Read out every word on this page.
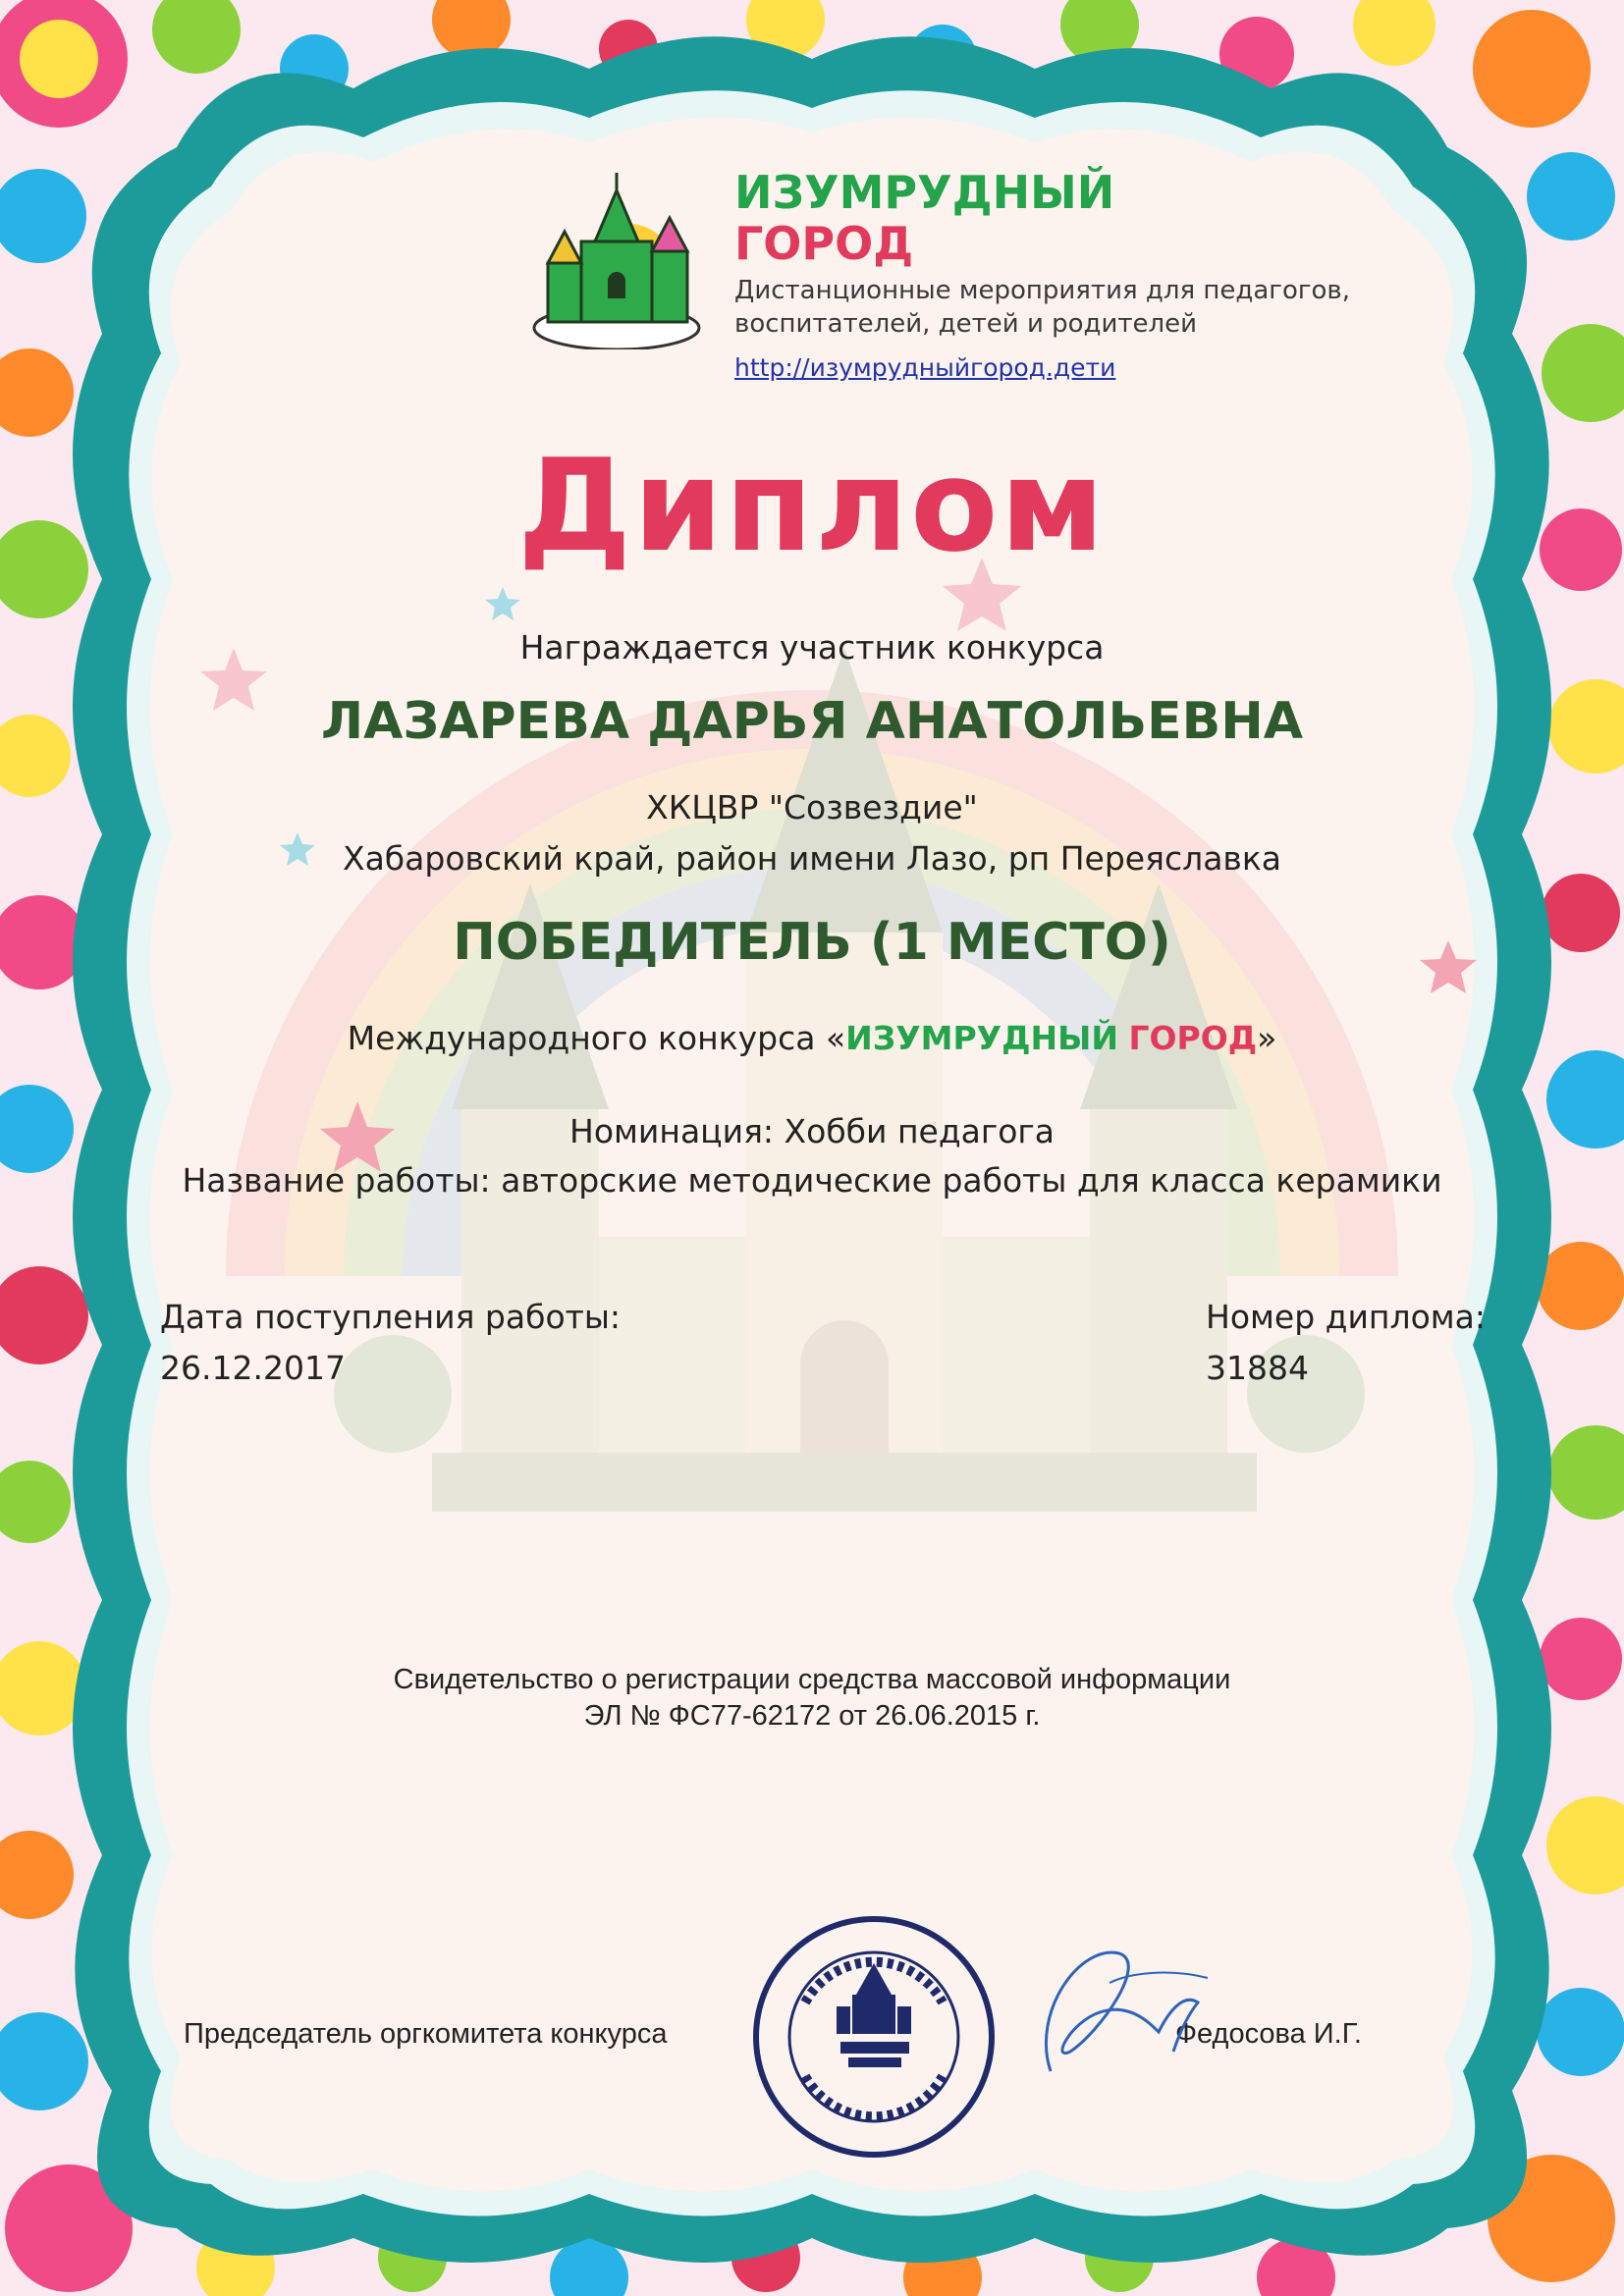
ИЗУМРУДНЫЙ
ГОРОД
Дистанционные мероприятия для педагогов,
воспитателей, детей и родителей
http://изумрудныйгород.дети
Диплом
Награждается участник конкурса
ЛАЗАРЕВА ДАРЬЯ АНАТОЛЬЕВНА
ХКЦВР "Созвездие"
Хабаровский край, район имени Лазо, рп Переяславка
ПОБЕДИТЕЛЬ (1 МЕСТО)
Международного конкурса «ИЗУМРУДНЫЙ ГОРОД»
Номинация: Хобби педагога
Название работы: авторские методические работы для класса керамики
Дата поступления работы:
26.12.2017
Номер диплома:
31884
Свидетельство о регистрации средства массовой информации
ЭЛ № ФС77-62172 от 26.06.2015 г.
Председатель оргкомитета конкурса	Федосова И.Г.
